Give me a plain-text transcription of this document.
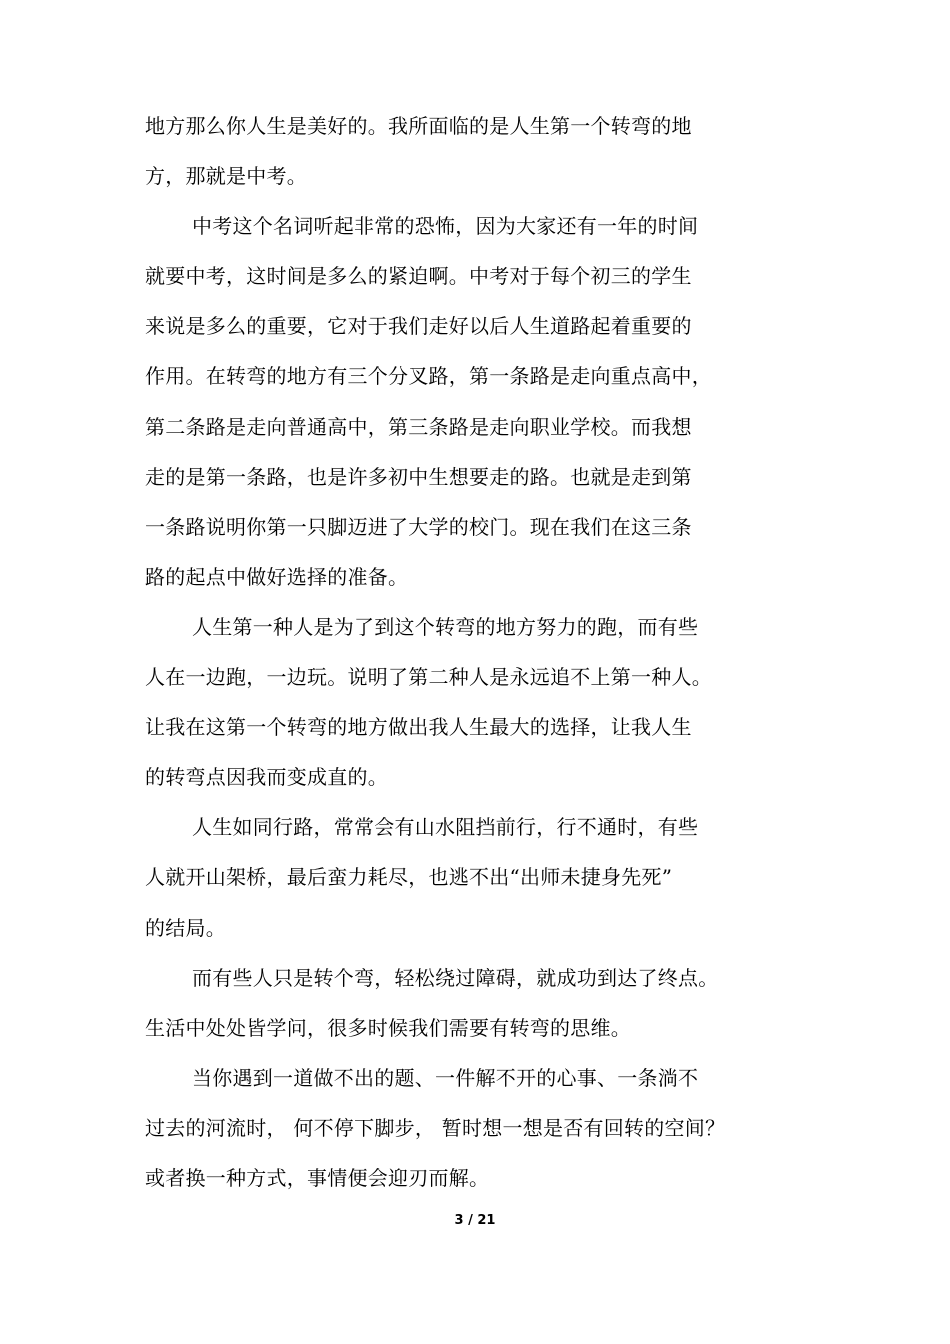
地方那么你人生是美好的。我所面临的是人生第一个转弯的地
方，那就是中考。
中考这个名词听起非常的恐怖，因为大家还有一年的时间
就要中考，这时间是多么的紧迫啊。中考对于每个初三的学生
来说是多么的重要，它对于我们走好以后人生道路起着重要的
作用。在转弯的地方有三个分叉路，第一条路是走向重点高中，
第二条路是走向普通高中，第三条路是走向职业学校。而我想
走的是第一条路，也是许多初中生想要走的路。也就是走到第
一条路说明你第一只脚迈进了大学的校门。现在我们在这三条
路的起点中做好选择的准备。
人生第一种人是为了到这个转弯的地方努力的跑，而有些
人在一边跑，一边玩。说明了第二种人是永远追不上第一种人。
让我在这第一个转弯的地方做出我人生最大的选择，让我人生
的转弯点因我而变成直的。
人生如同行路，常常会有山水阻挡前行，行不通时，有些
人就开山架桥，最后蛮力耗尽，也逃不出“出师未捷身先死”
的结局。
而有些人只是转个弯，轻松绕过障碍，就成功到达了终点。
生活中处处皆学问，很多时候我们需要有转弯的思维。
当你遇到一道做不出的题、一件解不开的心事、一条淌不
过去的河流时， 何不停下脚步， 暂时想一想是否有回转的空间？
或者换一种方式，事情便会迎刃而解。
3 / 21
